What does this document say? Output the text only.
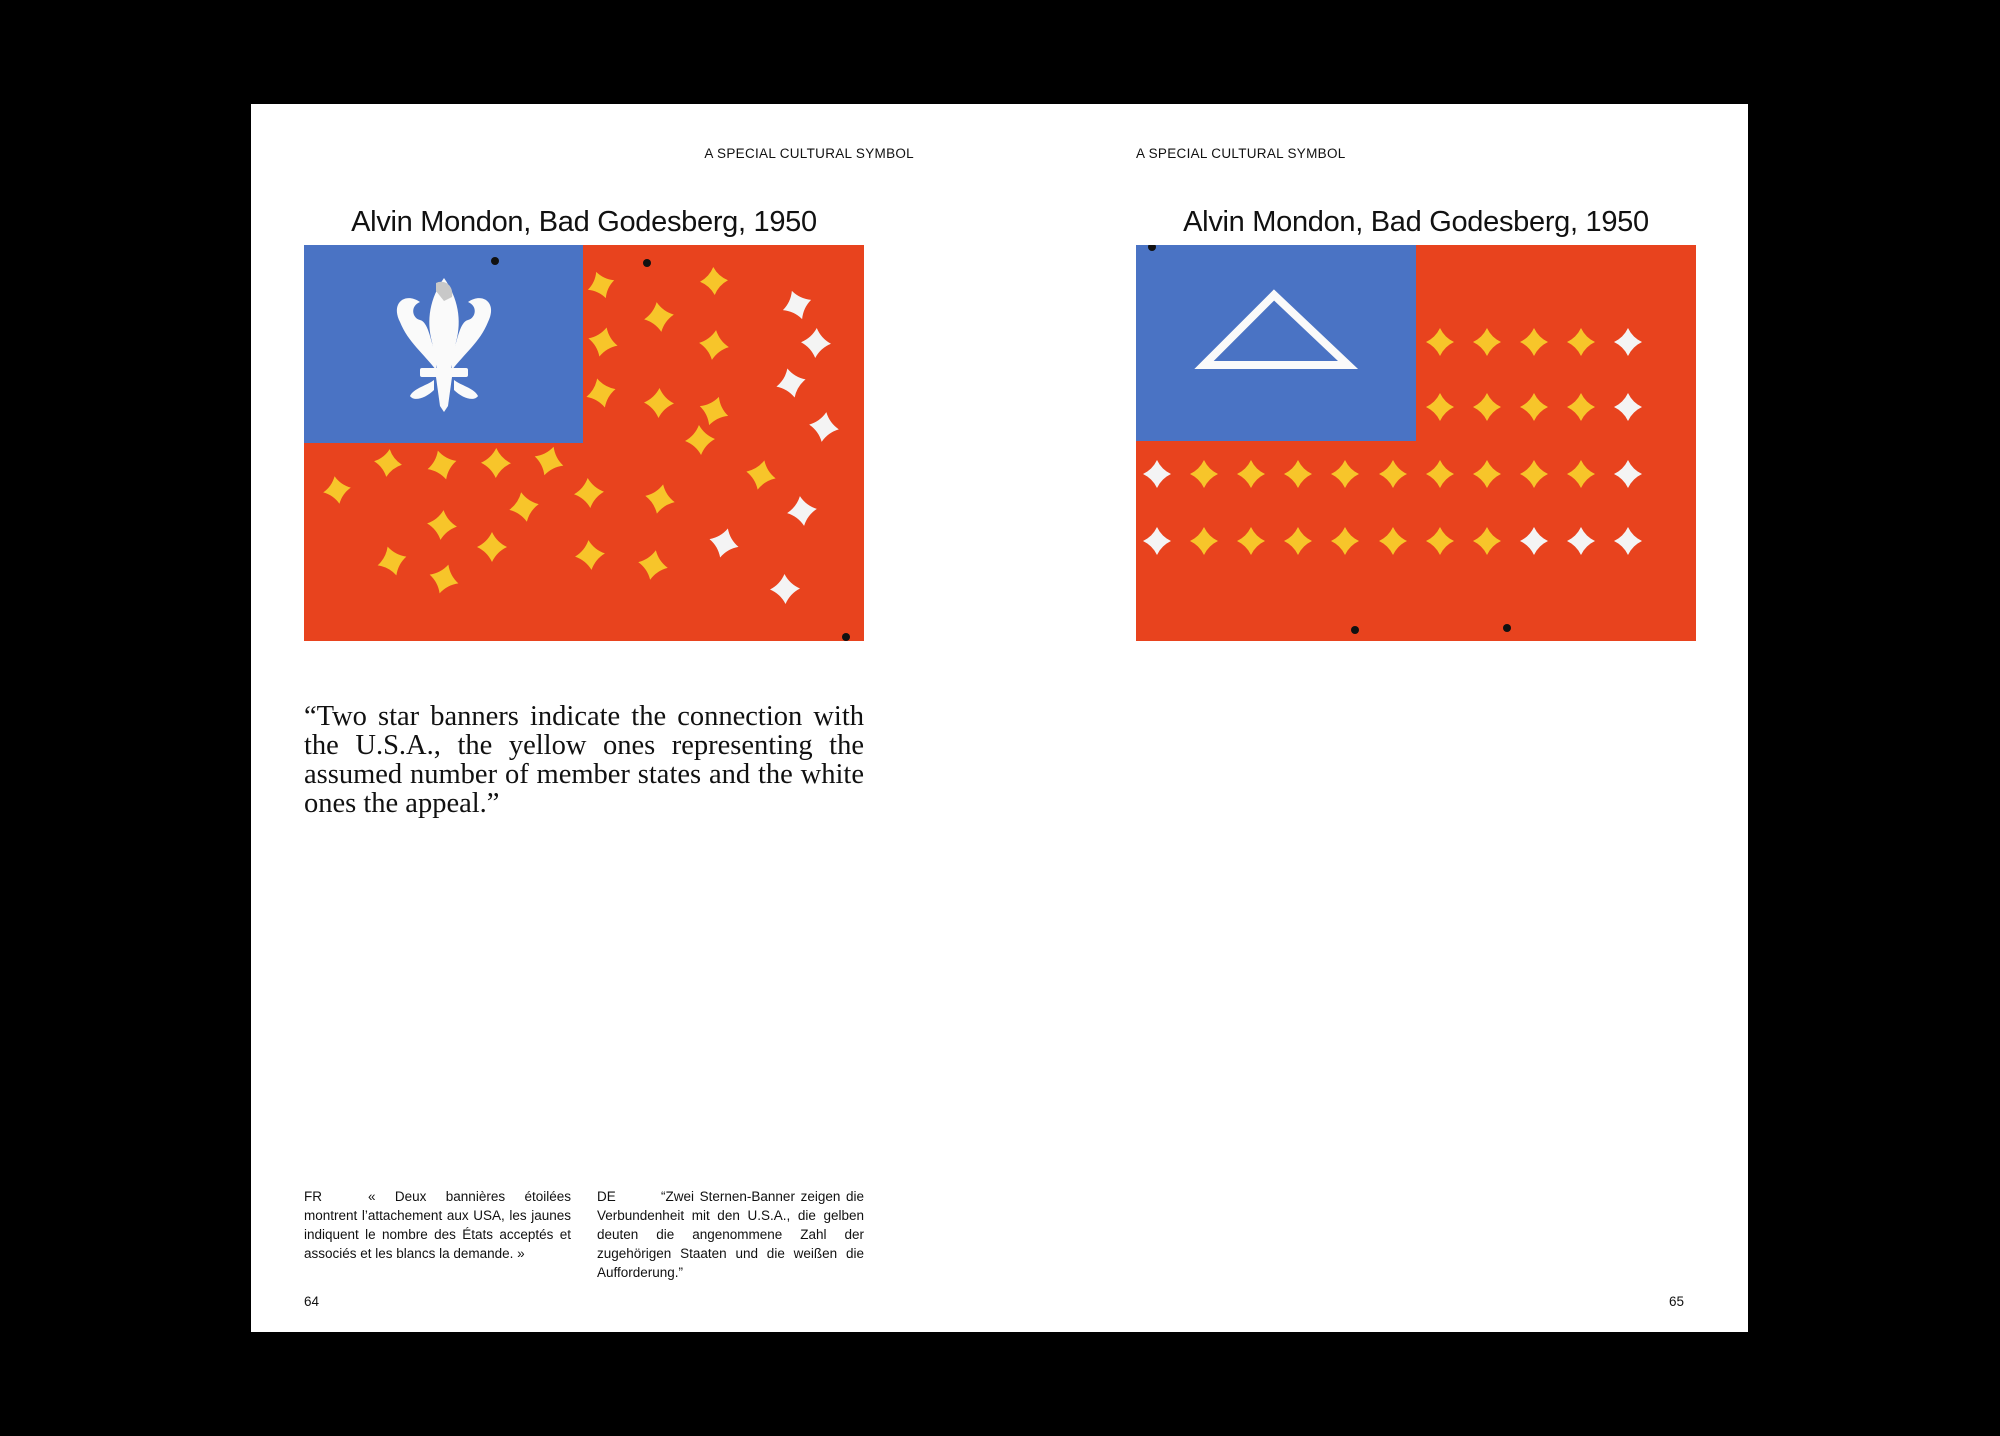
A SPECIAL CULTURAL SYMBOL
Alvin Mondon, Bad Godesberg, 1950

“Two star banners indicate the connection with the U.S.A., the yellow ones representing the assumed number of member states and the white ones the appeal.”

FR	« Deux bannières étoilées montrent l’attachement aux USA, les jaunes indiquent le nombre des États acceptés et associés et les blancs la demande. »

DE	“Zwei Sternen-Banner zeigen die Verbundenheit mit den U.S.A., die gelben deuten die angenommene Zahl der zugehörigen Staaten und die weißen die Aufforderung.”

64
A SPECIAL CULTURAL SYMBOL
Alvin Mondon, Bad Godesberg, 1950
65
